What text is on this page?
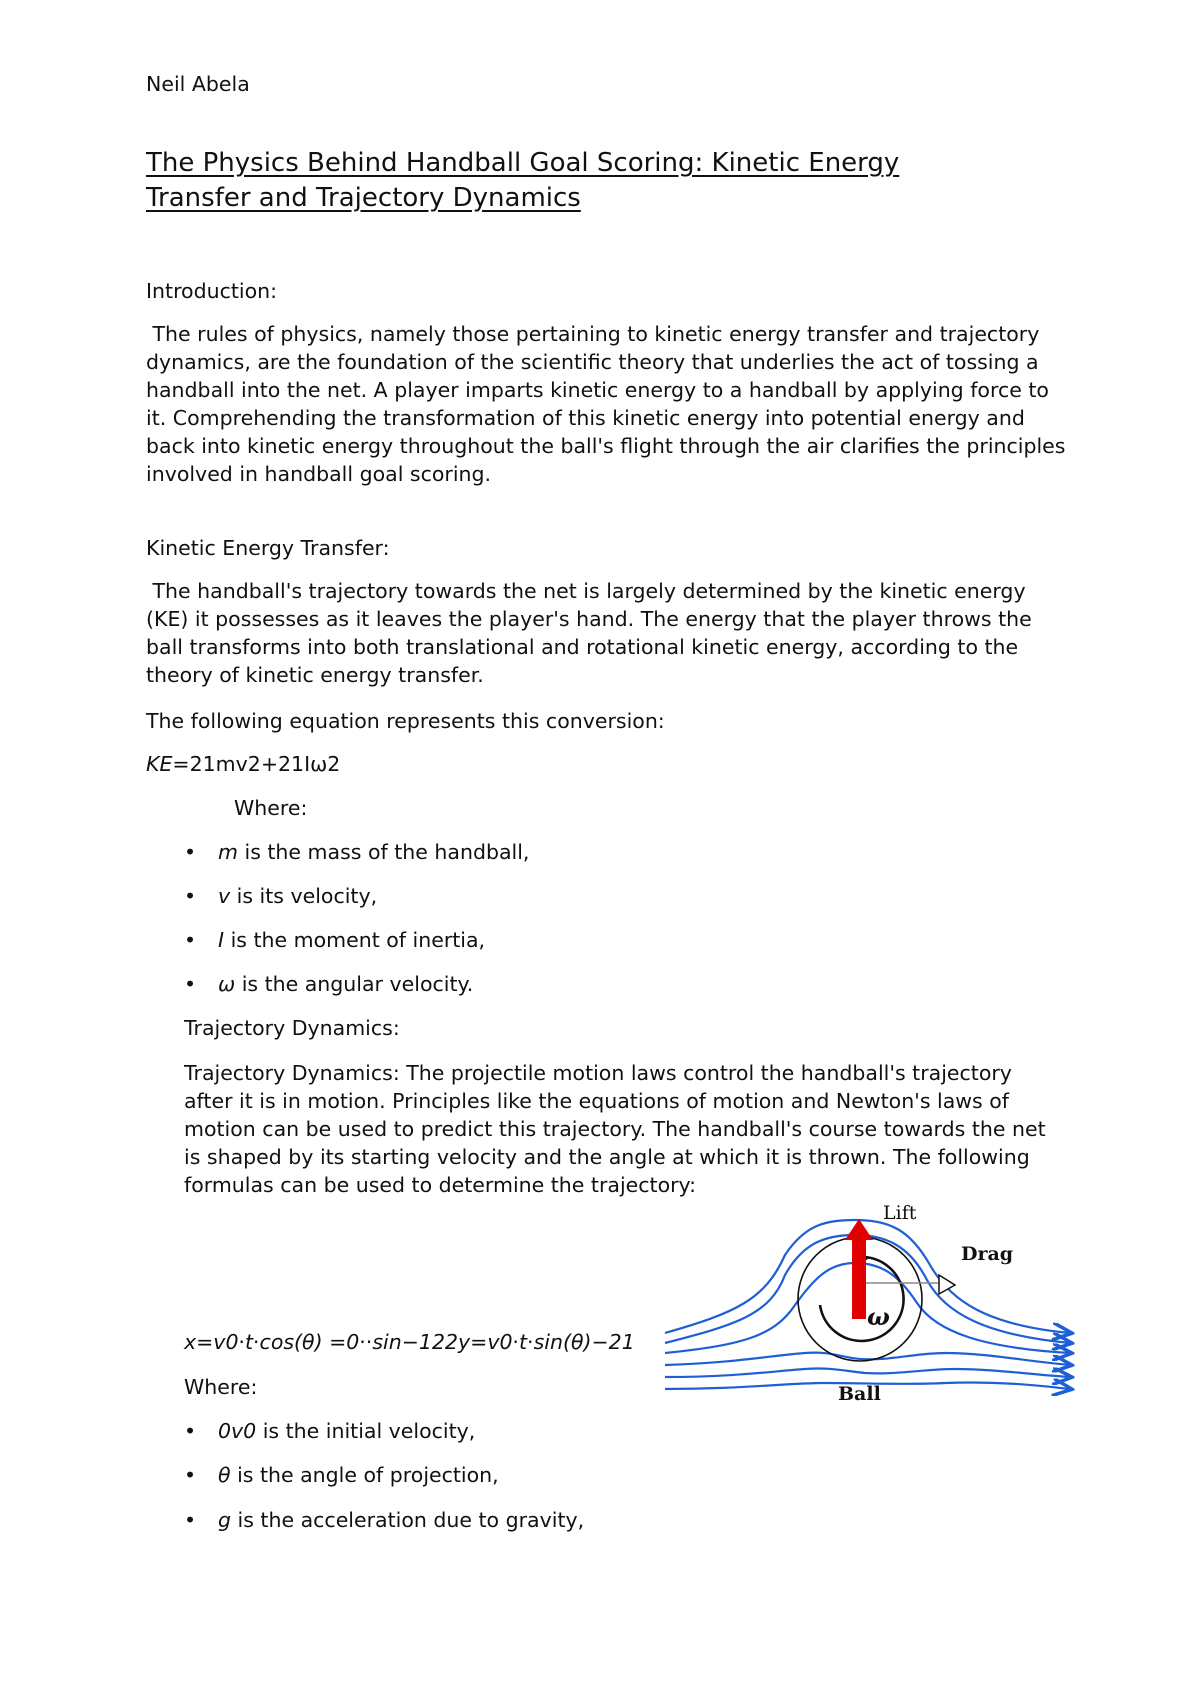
Neil Abela

The Physics Behind Handball Goal Scoring: Kinetic Energy
Transfer and Trajectory Dynamics

Introduction:

The rules of physics, namely those pertaining to kinetic energy transfer and trajectory dynamics, are the foundation of the scientific theory that underlies the act of tossing a handball into the net. A player imparts kinetic energy to a handball by applying force to it. Comprehending the transformation of this kinetic energy into potential energy and back into kinetic energy throughout the ball's flight through the air clarifies the principles involved in handball goal scoring.

Kinetic Energy Transfer:

The handball's trajectory towards the net is largely determined by the kinetic energy (KE) it possesses as it leaves the player's hand. The energy that the player throws the ball transforms into both translational and rotational kinetic energy, according to the theory of kinetic energy transfer.

The following equation represents this conversion:

KE=21mv2+21Iω2

Where:

• m is the mass of the handball,
• v is its velocity,
• I is the moment of inertia,
• ω is the angular velocity.

Trajectory Dynamics:

Trajectory Dynamics: The projectile motion laws control the handball's trajectory after it is in motion. Principles like the equations of motion and Newton's laws of motion can be used to predict this trajectory. The handball's course towards the net is shaped by its starting velocity and the angle at which it is thrown. The following formulas can be used to determine the trajectory:

x=v0⋅t⋅cos(θ) =0⋅⋅sin−122y=v0⋅t⋅sin(θ)−21

Where:

• 0v0 is the initial velocity,
• θ is the angle of projection,
• g is the acceleration due to gravity,
Lift
Drag
Ball
ω
